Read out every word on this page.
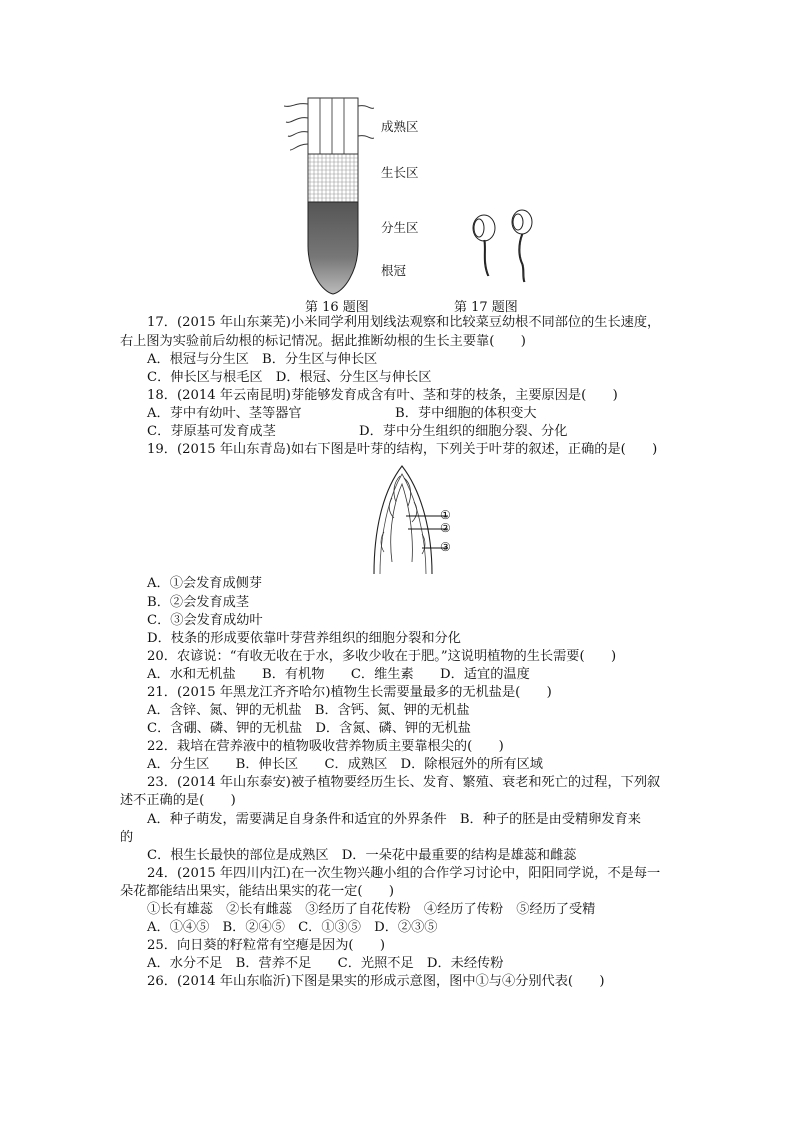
成熟区
生长区
分生区
根冠
第 16 题图	第 17 题图
17．(2015 年山东莱芜)小米同学利用划线法观察和比较菜豆幼根不同部位的生长速度，
右上图为实验前后幼根的标记情况。据此推断幼根的生长主要靠(　　)
A．根冠与分生区　B．分生区与伸长区
C．伸长区与根毛区　D．根冠、分生区与伸长区
18．(2014 年云南昆明)芽能够发育成含有叶、茎和芽的枝条，主要原因是(　　)
A．芽中有幼叶、茎等器官	B．芽中细胞的体积变大
C．芽原基可发育成茎	D．芽中分生组织的细胞分裂、分化
19．(2015 年山东青岛)如右下图是叶芽的结构，下列关于叶芽的叙述，正确的是(　　)
①
②
③
A．①会发育成侧芽
B．②会发育成茎
C．③会发育成幼叶
D．枝条的形成要依靠叶芽营养组织的细胞分裂和分化
20．农谚说：“有收无收在于水，多收少收在于肥。”这说明植物的生长需要(　　)
A．水和无机盐　　B．有机物　　C．维生素　　D．适宜的温度
21．(2015 年黑龙江齐齐哈尔)植物生长需要量最多的无机盐是(　　)
A．含锌、氮、钾的无机盐　B．含钙、氮、钾的无机盐
C．含硼、磷、钾的无机盐　D．含氮、磷、钾的无机盐
22．栽培在营养液中的植物吸收营养物质主要靠根尖的(　　)
A．分生区　　B．伸长区　　C．成熟区　D．除根冠外的所有区域
23．(2014 年山东泰安)被子植物要经历生长、发育、繁殖、衰老和死亡的过程，下列叙
述不正确的是(　　)
A．种子萌发，需要满足自身条件和适宜的外界条件　B．种子的胚是由受精卵发育来
的
C．根生长最快的部位是成熟区　D．一朵花中最重要的结构是雄蕊和雌蕊
24．(2015 年四川内江)在一次生物兴趣小组的合作学习讨论中，阳阳同学说，不是每一
朵花都能结出果实，能结出果实的花一定(　　)
①长有雄蕊　②长有雌蕊　③经历了自花传粉　④经历了传粉　⑤经历了受精
A．①④⑤　B．②④⑤　C．①③⑤　D．②③⑤
25．向日葵的籽粒常有空瘪是因为(　　)
A．水分不足　B．营养不足　　C．光照不足　D．未经传粉
26．(2014 年山东临沂)下图是果实的形成示意图，图中①与④分别代表(　　)
